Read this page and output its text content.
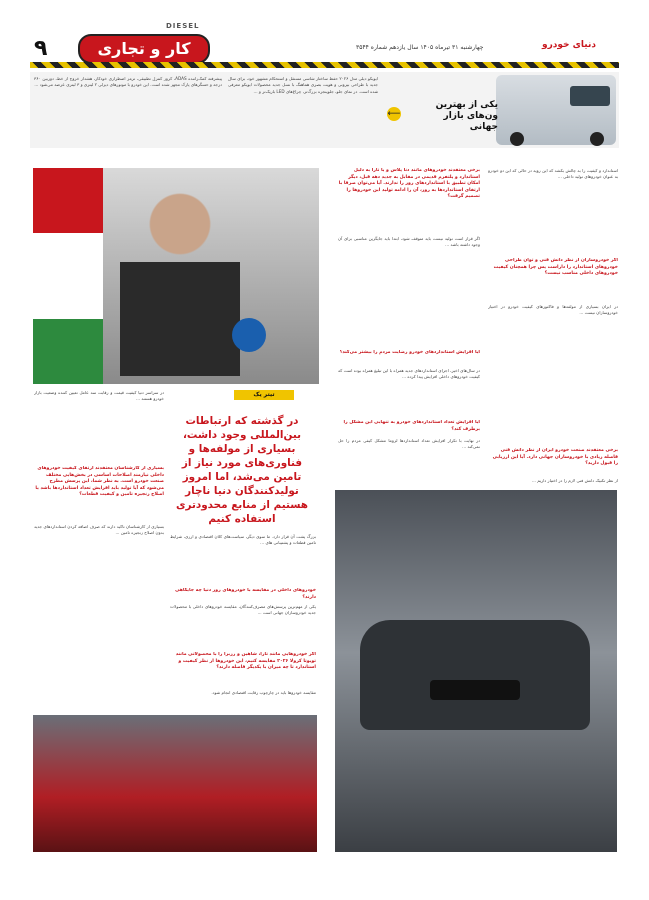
۹	کار و تجاری
DIESEL
چهارشنبه ۳۱ تیرماه ۱۴۰۵ سال یازدهم شماره ۳۵۴۴	دنیای خودرو
یکی از بهترین ون‌های بازار جهانی
⟵
ایویکو دیلی مدل ۲۰۲۶ حفظ ساختار شاسی مستقل و استحکام مشهور خود، برای سال جدید با طراحی بیرونی و هویت بصری هماهنگ با نسل جدید محصولات ایویکو معرفی شده است. در نمای جلو، جلوپنجره بزرگ‌تر، چراغ‌های LED باریک‌تر و ...
پیشرفته کمک‌راننده ADAS، کروز کنترل تطبیقی، ترمز اضطراری خودکار، هشدار خروج از خط، دوربین ۳۶۰ درجه و حسگرهای پارک مجهز شده است. این خودرو با موتورهای دیزلی ۲ لیتری و ۳ لیتری عرضه می‌شود ...
استاندارد و کیفیت را به چالش بکشد که این رویه در حالی که این دو خودرو به عنوان خودروهای تولید داخلی ...
اگر خودروسازان از نظر دانش فنی و توان طراحی خودروهای استاندارد را داراست پس چرا همچنان کیفیت خودروهای داخلی مناسب نیست؟
در ایران بسیاری از مولفه‌ها و فاکتورهای کیفیت خودرو در اختیار خودروسازان نیست ...
برخی معتقدند صنعت خودرو ایران از نظر دانش فنی فاصله زیادی با خودروسازان جهانی دارد. آیا این ارزیابی را قبول دارید؟
از نظر تکنیک دانش فنی لازم را در اختیار داریم ...
برخی معتقدند خودروهای مانند دنا پلاس و یا تارا به دلیل استاندارد و پلتفرم قدیمی در مقابل به جدید دهه قبل، دیگر امکان تطبیق با استانداردهای روز را ندارند. آیا می‌توان صرفا با ارتقای استانداردها به روز، آن را ادامه تولید این خودروها را تصمیم گرفت؟
اگر قرار است تولید نیست باید متوقف شود، ابتدا باید جایگزین مناسبی برای آن وجود داشته باشد ...
آیا افزایش استانداردهای خودرو رضایت مردم را بیشتر می‌کند؟
در سال‌های اخیر، اجرای استانداردهای جدید همراه با این تبلیغ همراه بوده است که کیفیت خودروهای داخلی افزایش پیدا کرده ...
آیا افزایش تعداد استانداردهای خودرو به تنهایی این مشکل را برطرف کند؟
در نهایت با تکرار افزایش تعداد استانداردها لزوما مشکل کیفی مردم را حل نمی‌کند ...
بزرگ پشت آن قرار دارد. ما سوی دیگر، سیاست‌های کلان اقتصادی و ارزی، شرایط تامین قطعات و پشتیبانی های ...
خودروهای داخلی در مقایسه با خودروهای روز دنیا چه جایگاهی دارند؟
یکی از مهم‌ترین پرسش‌های مصرف‌کنندگان، مقایسه خودروهای داخلی با محصولات جدید خودروسازان جهانی است ...
اگر خودروهایی مانند تارا، شاهین و رزبرا را با محصولاتی مانند تویوتا کرولا ۲۰۲۶ مقایسه کنیم، این خودروها از نظر کیفیت و استاندارد تا چه میزان با یکدیگر فاصله دارند؟
مقایسه خودروها باید در چارچوب رقابت اقتصادی انجام شود.
در سراسر دنیا کیفیت قیمت و رقابت سه عامل تعیین کننده وضعیت بازار خودرو هستند ...
بسیاری از کارشناسان معتقدند ارتقای کیفیت خودروهای داخلی نیازمند اصلاحات اساسی در بخش‌هایی مختلف صنعت خودرو است. به نظر شما، این پرسش مطرح می‌شود که آیا تولید باید افزایش تعداد استانداردها باشد یا اصلاح زنجیره تامین و کیفیت قطعات؟
بسیاری از کارشناسان تاکید دارند که صرف اضافه کردن استانداردهای جدید بدون اصلاح زنجیره تامین ...
تیتر یک
در گذشته که ارتباطات بین‌المللی وجود داشت، بسیاری از مولفه‌ها و فناوری‌های مورد نیاز از تامین می‌شد، اما امروز تولیدکنندگان دنیا ناچار هستیم از منابع محدودتری استفاده کنیم
